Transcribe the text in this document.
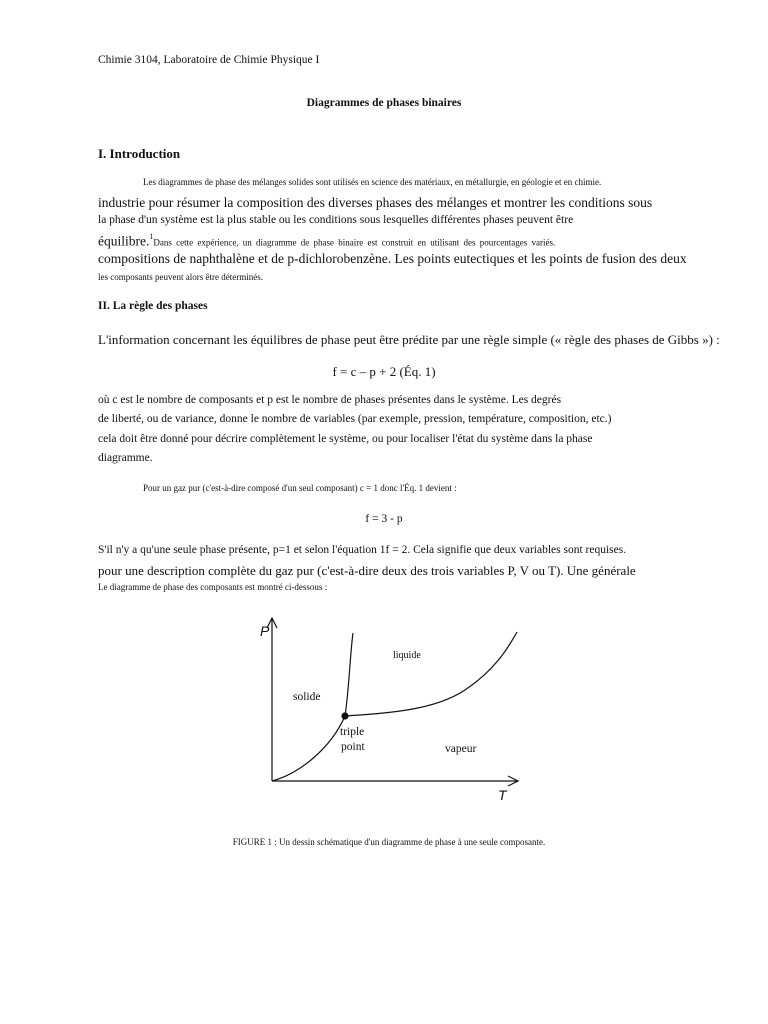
Chimie 3104, Laboratoire de Chimie Physique I
Diagrammes de phases binaires
I. Introduction
Les diagrammes de phase des mélanges solides sont utilisés en science des matériaux, en métallurgie, en géologie et en chimie.
industrie pour résumer la composition des diverses phases des mélanges et montrer les conditions sous
la phase d'un système est la plus stable ou les conditions sous lesquelles différentes phases peuvent être
équilibre.$^1$Dans cette expérience, un diagramme de phase binaire est construit en utilisant des pourcentages variés.
compositions de naphthalène et de p-dichlorobenzène. Les points eutectiques et les points de fusion des deux
les composants peuvent alors être déterminés.
II. La règle des phases
L'information concernant les équilibres de phase peut être prédite par une règle simple (« règle des phases de Gibbs ») :
f = c – p + 2 (Éq. 1)
où c est le nombre de composants et p est le nombre de phases présentes dans le système. Les degrés
de liberté, ou de variance, donne le nombre de variables (par exemple, pression, température, composition, etc.)
cela doit être donné pour décrire complètement le système, ou pour localiser l'état du système dans la phase
diagramme.
Pour un gaz pur (c'est-à-dire composé d'un seul composant) c = 1 donc l'Éq. 1 devient :
f = 3 - p
S'il n'y a qu'une seule phase présente, p=1 et selon l'équation 1f = 2. Cela signifie que deux variables sont requises.
pour une description complète du gaz pur (c'est-à-dire deux des trois variables P, V ou T). Une générale
Le diagramme de phase des composants est montré ci-dessous :
P
T
liquide
solide
vapeur
triple
point
FIGURE 1 : Un dessin schématique d'un diagramme de phase à une seule composante.
